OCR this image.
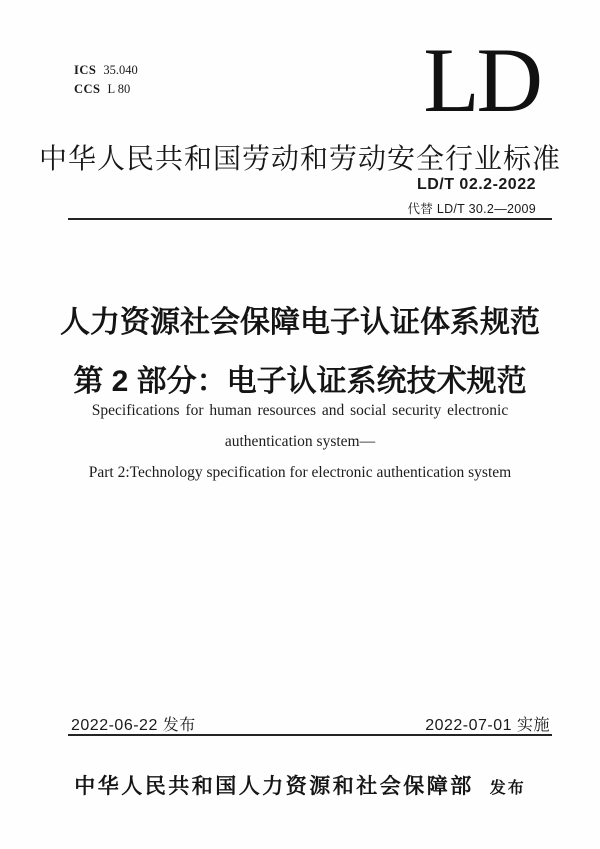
ICS 35.040
CCS L 80	LD
中华人民共和国劳动和劳动安全行业标准
LD/T 02.2-2022
代替 LD/T 30.2—2009
人力资源社会保障电子认证体系规范
第 2 部分：电子认证系统技术规范
Specifications for human resources and social security electronic
authentication system—
Part 2:Technology specification for electronic authentication system
2022-06-22 发布	2022-07-01 实施
中华人民共和国人力资源和社会保障部 发布
